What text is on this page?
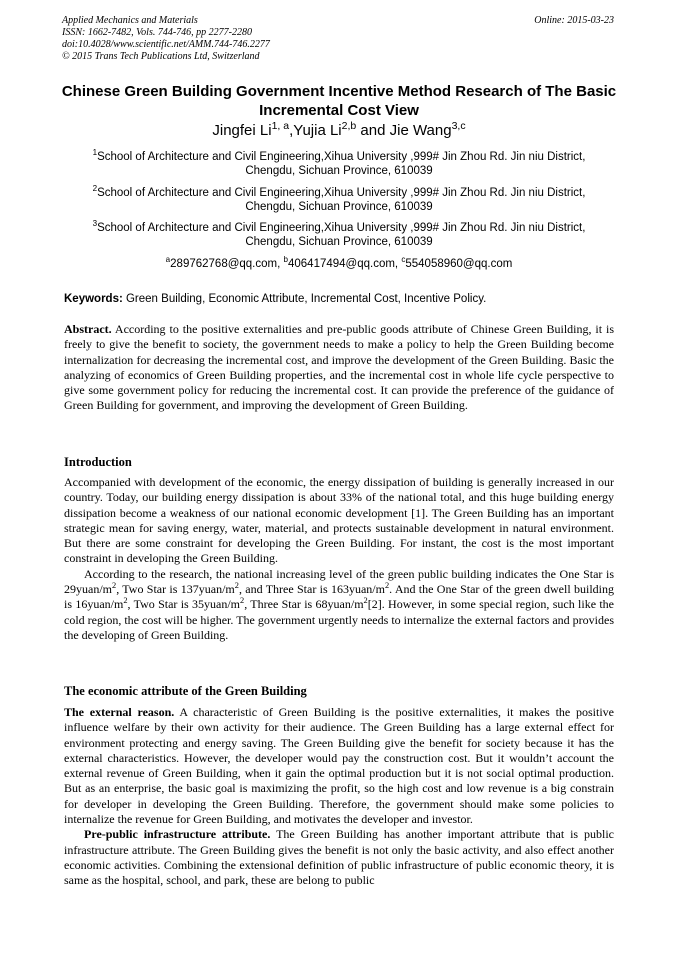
Applied Mechanics and Materials
ISSN: 1662-7482, Vols. 744-746, pp 2277-2280
doi:10.4028/www.scientific.net/AMM.744-746.2277
© 2015 Trans Tech Publications Ltd, Switzerland
Online: 2015-03-23
Chinese Green Building Government Incentive Method Research of The Basic Incremental Cost View
Jingfei Li$^{1, a}$,Yujia Li$^{2,b}$ and Jie Wang$^{3,c}$
$^1$School of Architecture and Civil Engineering,Xihua University ,999# Jin Zhou Rd. Jin niu District,
Chengdu, Sichuan Province, 610039
$^2$School of Architecture and Civil Engineering,Xihua University ,999# Jin Zhou Rd. Jin niu District,
Chengdu, Sichuan Province, 610039
$^3$School of Architecture and Civil Engineering,Xihua University ,999# Jin Zhou Rd. Jin niu District,
Chengdu, Sichuan Province, 610039
$^a$289762768@qq.com, $^b$406417494@qq.com, $^c$554058960@qq.com
Keywords: Green Building, Economic Attribute, Incremental Cost, Incentive Policy.

Abstract. According to the positive externalities and pre-public goods attribute of Chinese Green Building, it is freely to give the benefit to society, the government needs to make a policy to help the Green Building become internalization for decreasing the incremental cost, and improve the development of the Green Building. Basic the analyzing of economics of Green Building properties, and the incremental cost in whole life cycle perspective to give some government policy for reducing the incremental cost. It can provide the preference of the guidance of Green Building for government, and improving the development of Green Building.

Introduction

Accompanied with development of the economic, the energy dissipation of building is generally increased in our country. Today, our building energy dissipation is about 33% of the national total, and this huge building energy dissipation become a weakness of our national economic development [1]. The Green Building has an important strategic mean for saving energy, water, material, and protects sustainable development in natural environment. But there are some constraint for developing the Green Building. For instant, the cost is the most important constraint in developing the Green Building.

According to the research, the national increasing level of the green public building indicates the One Star is $29yuan/m^2$, Two Star is $137yuan/m^2$, and Three Star is $163yuan/m^2$. And the One Star of the green dwell building is $16yuan/m^2$, Two Star is $35yuan/m^2$, Three Star is $68yuan/m^2[2]$. However, in some special region, such like the cold region, the cost will be higher. The government urgently needs to internalize the external factors and provides the developing of Green Building.

The economic attribute of the Green Building

The external reason. A characteristic of Green Building is the positive externalities, it makes the positive influence welfare by their own activity for their audience. The Green Building has a large external effect for environment protecting and energy saving. The Green Building give the benefit for society because it has the external characteristics. However, the developer would pay the construction cost. But it wouldn’t account the external revenue of Green Building, when it gain the optimal production but it is not social optimal production. But as an enterprise, the basic goal is maximizing the profit, so the high cost and low revenue is a big constrain for developer in developing the Green Building. Therefore, the government should make some policies to internalize the revenue for Green Building, and motivates the developer and investor.

Pre-public infrastructure attribute. The Green Building has another important attribute that is public infrastructure attribute. The Green Building gives the benefit is not only the basic activity, and also effect another economic activities. Combining the extensional definition of public infrastructure of public economic theory, it is same as the hospital, school, and park, these are belong to public
